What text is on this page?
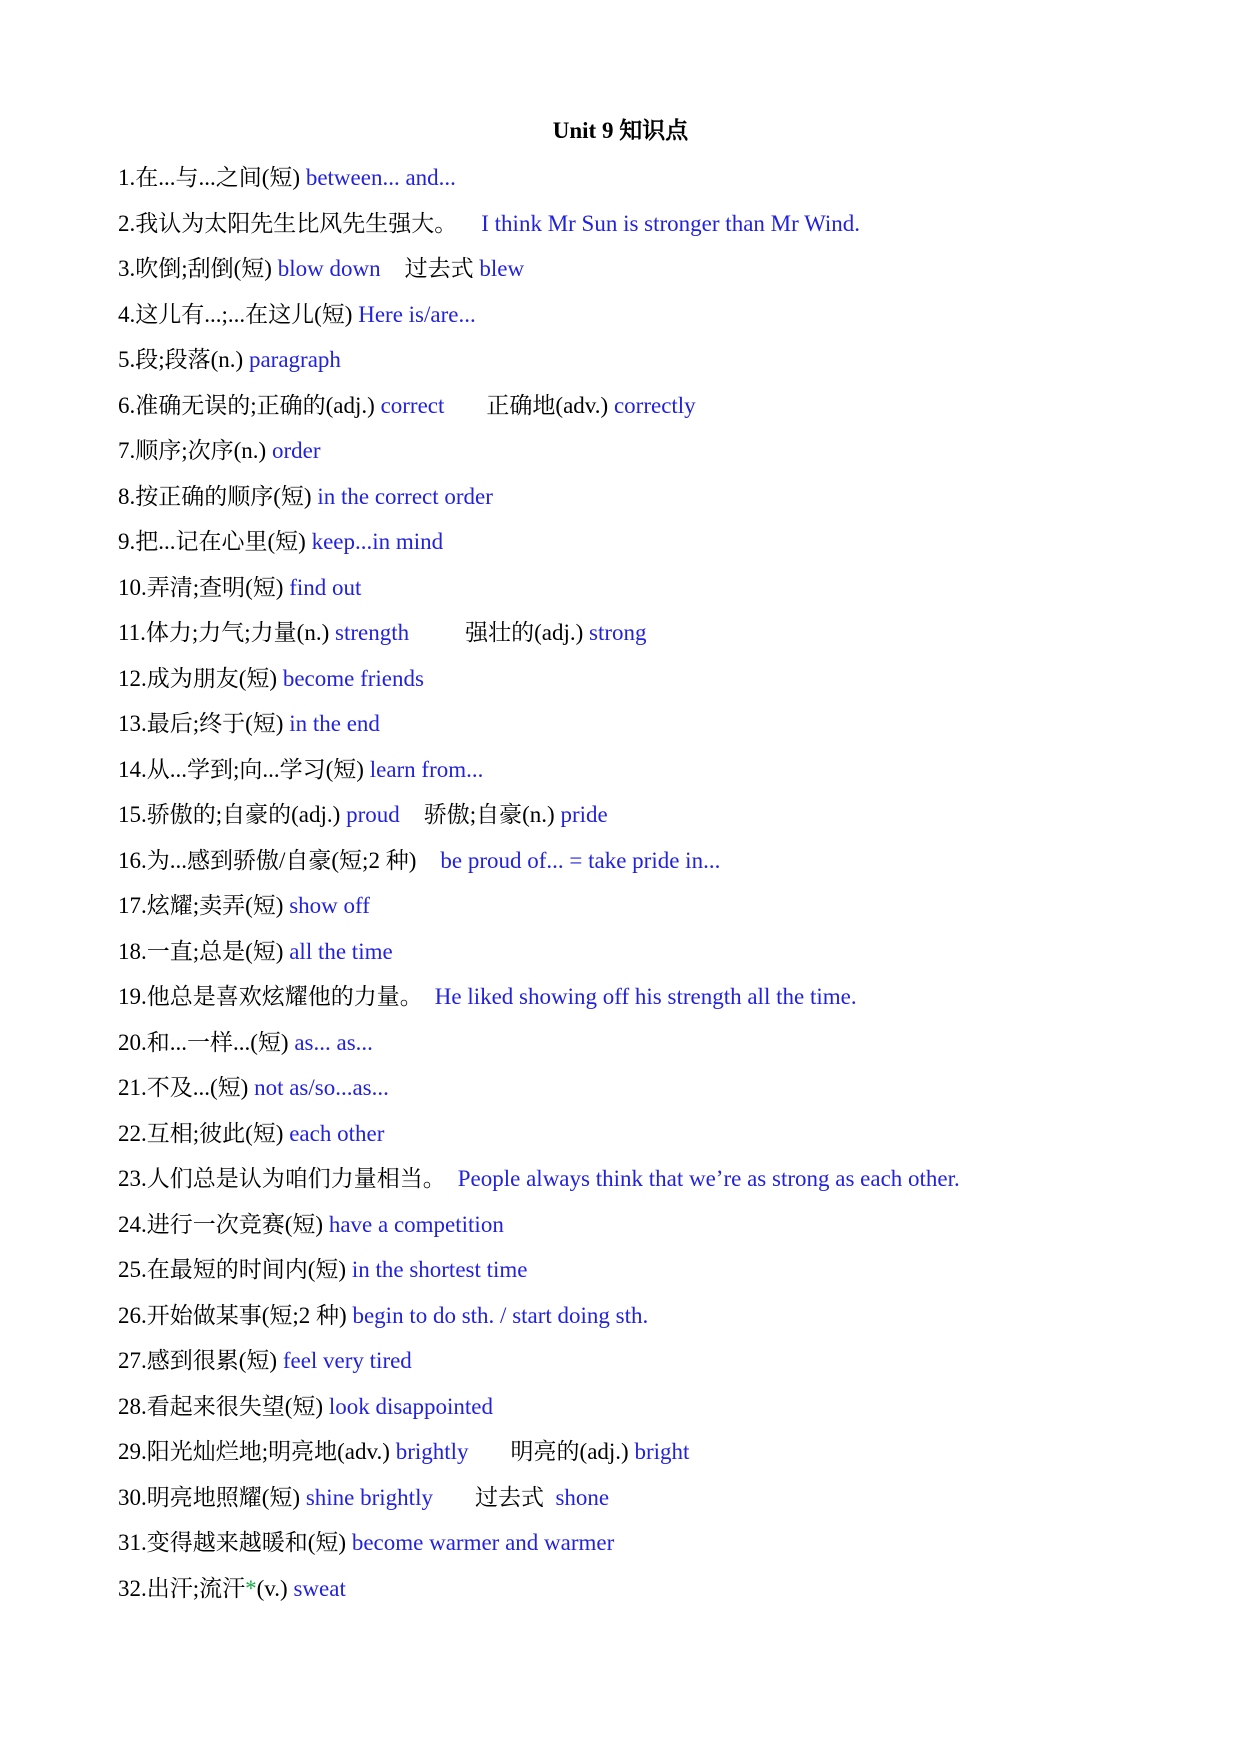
Unit 9 知识点
1.在...与...之间(短) between... and...
2.我认为太阳先生比风先生强大。 I think Mr Sun is stronger than Mr Wind.
3.吹倒;刮倒(短) blow down 过去式 blew
4.这儿有...;...在这儿(短) Here is/are...
5.段;段落(n.) paragraph
6.准确无误的;正确的(adj.) correct 正确地(adv.) correctly
7.顺序;次序(n.) order
8.按正确的顺序(短) in the correct order
9.把...记在心里(短) keep...in mind
10.弄清;查明(短) find out
11.体力;力气;力量(n.) strength 强壮的(adj.) strong
12.成为朋友(短) become friends
13.最后;终于(短) in the end
14.从...学到;向...学习(短) learn from...
15.骄傲的;自豪的(adj.) proud 骄傲;自豪(n.) pride
16.为...感到骄傲/自豪(短;2 种) be proud of... = take pride in...
17.炫耀;卖弄(短) show off
18.一直;总是(短) all the time
19.他总是喜欢炫耀他的力量。 He liked showing off his strength all the time.
20.和...一样...(短) as... as...
21.不及...(短) not as/so...as...
22.互相;彼此(短) each other
23.人们总是认为咱们力量相当。 People always think that we’re as strong as each other.
24.进行一次竞赛(短) have a competition
25.在最短的时间内(短) in the shortest time
26.开始做某事(短;2 种) begin to do sth. / start doing sth.
27.感到很累(短) feel very tired
28.看起来很失望(短) look disappointed
29.阳光灿烂地;明亮地(adv.) brightly 明亮的(adj.) bright
30.明亮地照耀(短) shine brightly 过去式 shone
31.变得越来越暖和(短) become warmer and warmer
32.出汗;流汗*(v.) sweat
